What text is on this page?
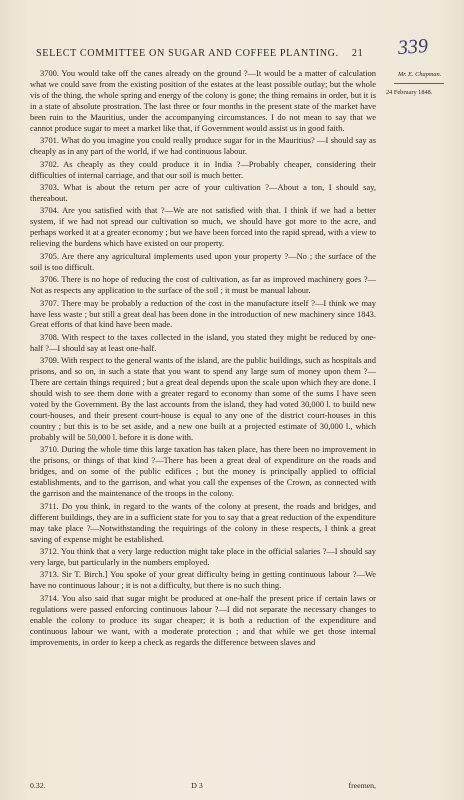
SELECT COMMITTEE ON SUGAR AND COFFEE PLANTING. 21	339
Mr. E. Chapman.
24 February 1848.

3700. You would take off the canes already on the ground ?—It would be a matter of calculation what we could save from the existing position of the estates at the least possible outlay; but the whole vis of the thing, the whole spring and energy of the colony is gone; the thing remains in order, but it is in a state of absolute prostration. The last three or four months in the present state of the market have been ruin to the Mauritius, under the accompanying circumstances. I do not mean to say that we cannot produce sugar to meet a market like that, if Government would assist us in good faith.

3701. What do you imagine you could really produce sugar for in the Mauritius? —I should say as cheaply as in any part of the world, if we had continuous labour.

3702. As cheaply as they could produce it in India ?—Probably cheaper, considering their difficulties of internal carriage, and that our soil is much better.

3703. What is about the return per acre of your cultivation ?—About a ton, I should say, thereabout.

3704. Are you satisfied with that ?—We are not satisfied with that. I think if we had a better system, if we had not spread our cultivation so much, we should have got more to the acre, and perhaps worked it at a greater economy ; but we have been forced into the rapid spread, with a view to relieving the burdens which have existed on our property.

3705. Are there any agricultural implements used upon your property ?—No ; the surface of the soil is too difficult.

3706. There is no hope of reducing the cost of cultivation, as far as improved machinery goes ?—Not as respects any application to the surface of the soil ; it must be manual labour.

3707. There may be probably a reduction of the cost in the manufacture itself ?—I think we may have less waste ; but still a great deal has been done in the introduction of new machinery since 1843. Great efforts of that kind have been made.

3708. With respect to the taxes collected in the island, you stated they might be reduced by one-half ?—I should say at least one-half.

3709. With respect to the general wants of the island, are the public buildings, such as hospitals and prisons, and so on, in such a state that you want to spend any large sum of money upon them ?—There are certain things required ; but a great deal depends upon the scale upon which they are done. I should wish to see them done with a greater regard to economy than some of the sums I have seen voted by the Government. By the last accounts from the island, they had voted 30,000 l. to build new court-houses, and their present court-house is equal to any one of the district court-houses in this country ; but this is to be set aside, and a new one built at a projected estimate of 30,000 l., which probably will be 50,000 l. before it is done with.

3710. During the whole time this large taxation has taken place, has there been no improvement in the prisons, or things of that kind ?—There has been a great deal of expenditure on the roads and bridges, and on some of the public edifices ; but the money is principally applied to official establishments, and to the garrison, and what you call the expenses of the Crown, as connected with the garrison and the maintenance of the troops in the colony.

3711. Do you think, in regard to the wants of the colony at present, the roads and bridges, and different buildings, they are in a sufficient state for you to say that a great reduction of the expenditure may take place ?—Notwithstanding the requirings of the colony in these respects, I think a great saving of expense might be established.

3712. You think that a very large reduction might take place in the official salaries ?—I should say very large, but particularly in the numbers employed.

3713. Sir T. Birch.] You spoke of your great difficulty being in getting continuous labour ?—We have no continuous labour ; it is not a difficulty, but there is no such thing.

3714. You also said that sugar might be produced at one-half the present price if certain laws or regulations were passed enforcing continuous labour ?—I did not separate the necessary changes to enable the colony to produce its sugar cheaper; it is both a reduction of the expenditure and continuous labour we want, with a moderate protection ; and that while we get those internal improvements, in order to keep a check as regards the difference between slaves and

0.32.	D 3	freemen,
